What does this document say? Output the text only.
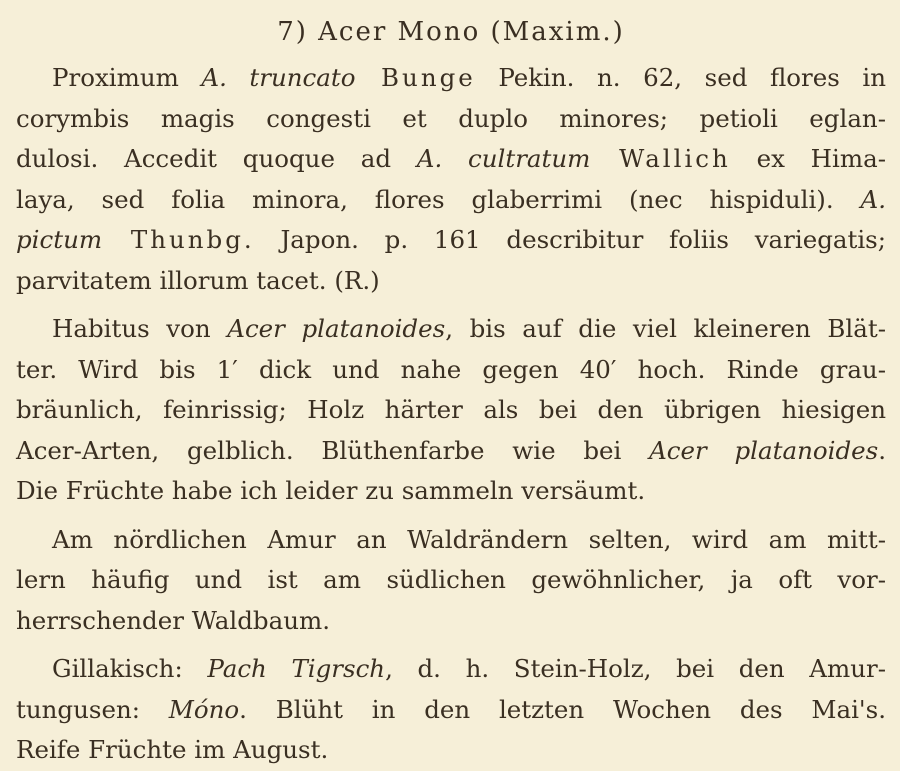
7) Acer Mono (Maxim.)
Proximum A. truncato Bunge Pekin. n. 62, sed flores in
corymbis magis congesti et duplo minores; petioli eglan-
dulosi. Accedit quoque ad A. cultratum Wallich ex Hima-
laya, sed folia minora, flores glaberrimi (nec hispiduli). A.
pictum Thunbg. Japon. p. 161 describitur foliis variegatis;
parvitatem illorum tacet. (R.)
Habitus von Acer platanoides, bis auf die viel kleineren Blät-
ter. Wird bis 1′ dick und nahe gegen 40′ hoch. Rinde grau-
bräunlich, feinrissig; Holz härter als bei den übrigen hiesigen
Acer-Arten, gelblich. Blüthenfarbe wie bei Acer platanoides.
Die Früchte habe ich leider zu sammeln versäumt.
Am nördlichen Amur an Waldrändern selten, wird am mitt-
lern häufig und ist am südlichen gewöhnlicher, ja oft vor-
herrschender Waldbaum.
Gillakisch: Pach Tigrsch, d. h. Stein-Holz, bei den Amur-
tungusen: Móno. Blüht in den letzten Wochen des Mai's.
Reife Früchte im August.
